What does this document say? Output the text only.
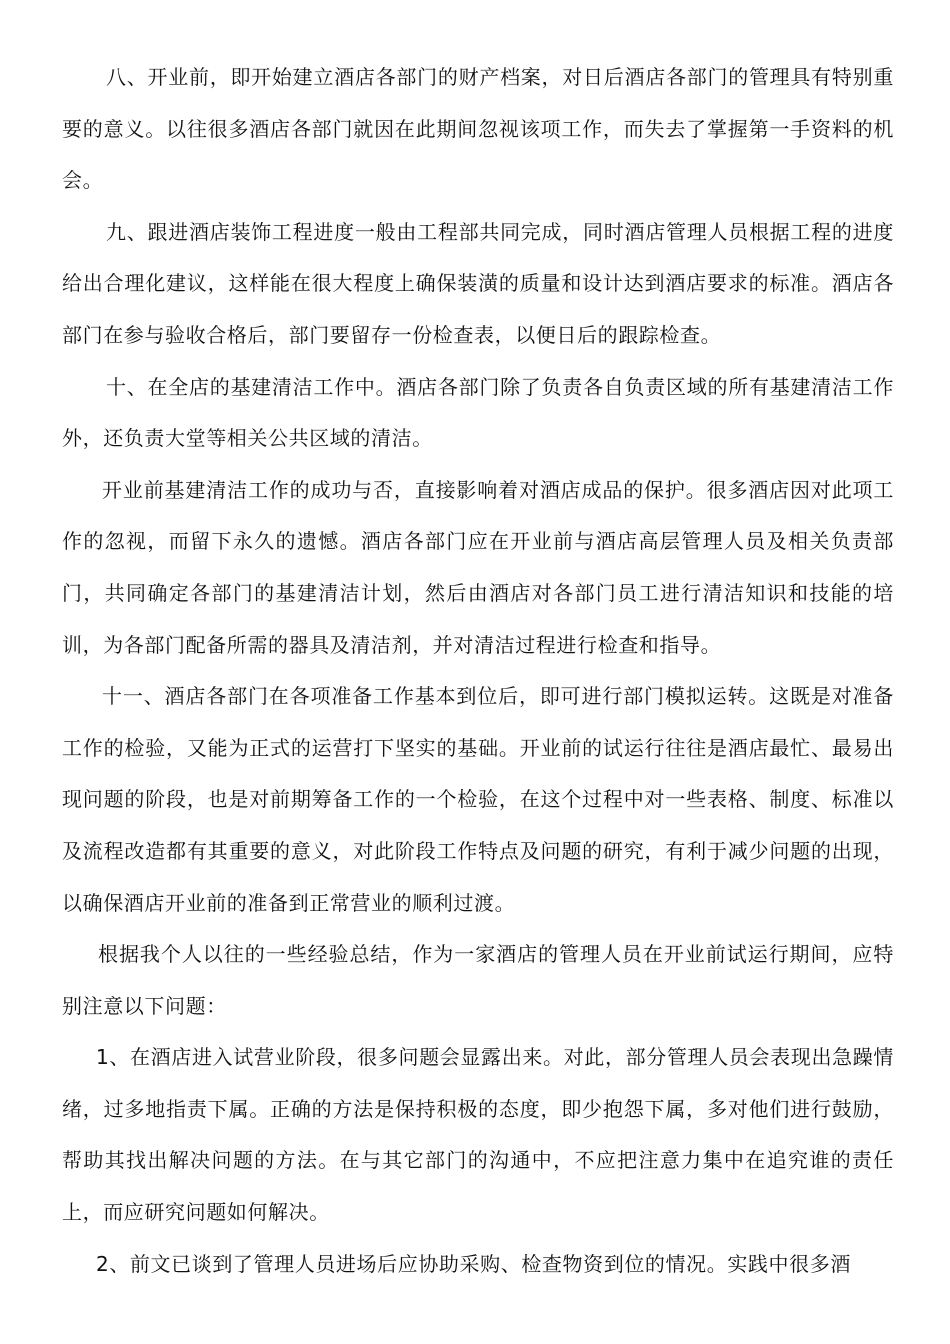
八、开业前，即开始建立酒店各部门的财产档案，对日后酒店各部门的管理具有特别重要的意义。以往很多酒店各部门就因在此期间忽视该项工作，而失去了掌握第一手资料的机会。

九、跟进酒店装饰工程进度一般由工程部共同完成，同时酒店管理人员根据工程的进度给出合理化建议，这样能在很大程度上确保装潢的质量和设计达到酒店要求的标准。酒店各部门在参与验收合格后，部门要留存一份检查表，以便日后的跟踪检查。

十、在全店的基建清洁工作中。酒店各部门除了负责各自负责区域的所有基建清洁工作外，还负责大堂等相关公共区域的清洁。

开业前基建清洁工作的成功与否，直接影响着对酒店成品的保护。很多酒店因对此项工作的忽视，而留下永久的遗憾。酒店各部门应在开业前与酒店高层管理人员及相关负责部门，共同确定各部门的基建清洁计划，然后由酒店对各部门员工进行清洁知识和技能的培训，为各部门配备所需的器具及清洁剂，并对清洁过程进行检查和指导。

十一、酒店各部门在各项准备工作基本到位后，即可进行部门模拟运转。这既是对准备工作的检验，又能为正式的运营打下坚实的基础。开业前的试运行往往是酒店最忙、最易出现问题的阶段，也是对前期筹备工作的一个检验，在这个过程中对一些表格、制度、标准以及流程改造都有其重要的意义，对此阶段工作特点及问题的研究，有利于减少问题的出现，以确保酒店开业前的准备到正常营业的顺利过渡。

根据我个人以往的一些经验总结，作为一家酒店的管理人员在开业前试运行期间，应特别注意以下问题：

1、在酒店进入试营业阶段，很多问题会显露出来。对此，部分管理人员会表现出急躁情绪，过多地指责下属。正确的方法是保持积极的态度，即少抱怨下属，多对他们进行鼓励，帮助其找出解决问题的方法。在与其它部门的沟通中，不应把注意力集中在追究谁的责任上，而应研究问题如何解决。

2、前文已谈到了管理人员进场后应协助采购、检查物资到位的情况。实践中很多酒
